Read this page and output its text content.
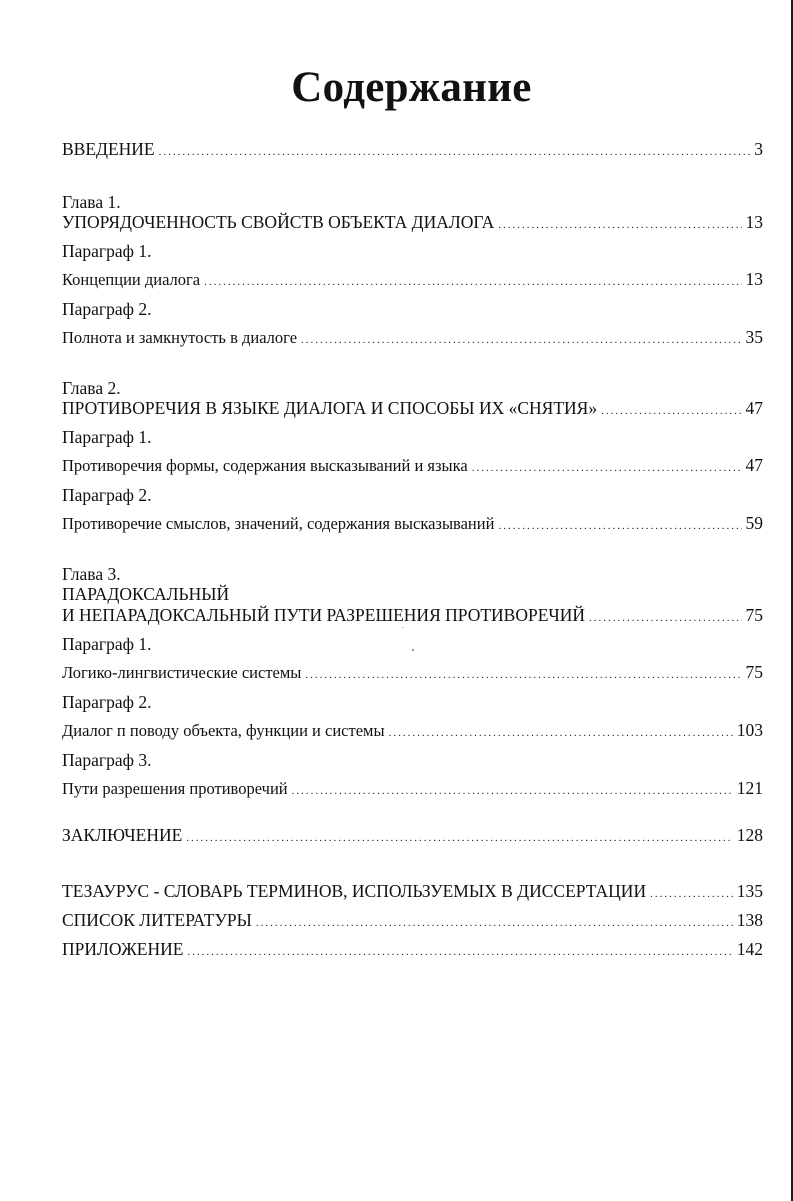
Содержание
ВВЕДЕНИЕ .....	3
Глава 1.
УПОРЯДОЧЕННОСТЬ СВОЙСТВ ОБЪЕКТА ДИАЛОГА .....	13
Параграф 1.
Концепции диалога .....	13
Параграф 2.
Полнота и замкнутость в диалоге .....	35
Глава 2.
ПРОТИВОРЕЧИЯ В ЯЗЫКЕ ДИАЛОГА И СПОСОБЫ ИХ «СНЯТИЯ» .....	47
Параграф 1.
Противоречия формы, содержания высказываний и языка .....	47
Параграф 2.
Противоречие смыслов, значений, содержания высказываний .....	59
Глава 3.
ПАРАДОКСАЛЬНЫЙ
И НЕПАРАДОКСАЛЬНЫЙ ПУТИ РАЗРЕШЕНИЯ ПРОТИВОРЕЧИЙ .....	75
Параграф 1.
Логико-лингвистические системы .....	75
Параграф 2.
Диалог п поводу объекта, функции и системы .....	103
Параграф 3.
Пути разрешения противоречий .....	121
ЗАКЛЮЧЕНИЕ .....	128
ТЕЗАУРУС - СЛОВАРЬ ТЕРМИНОВ, ИСПОЛЬЗУЕМЫХ В ДИССЕРТАЦИИ .....	135
СПИСОК ЛИТЕРАТУРЫ .....	138
ПРИЛОЖЕНИЕ .....	142
